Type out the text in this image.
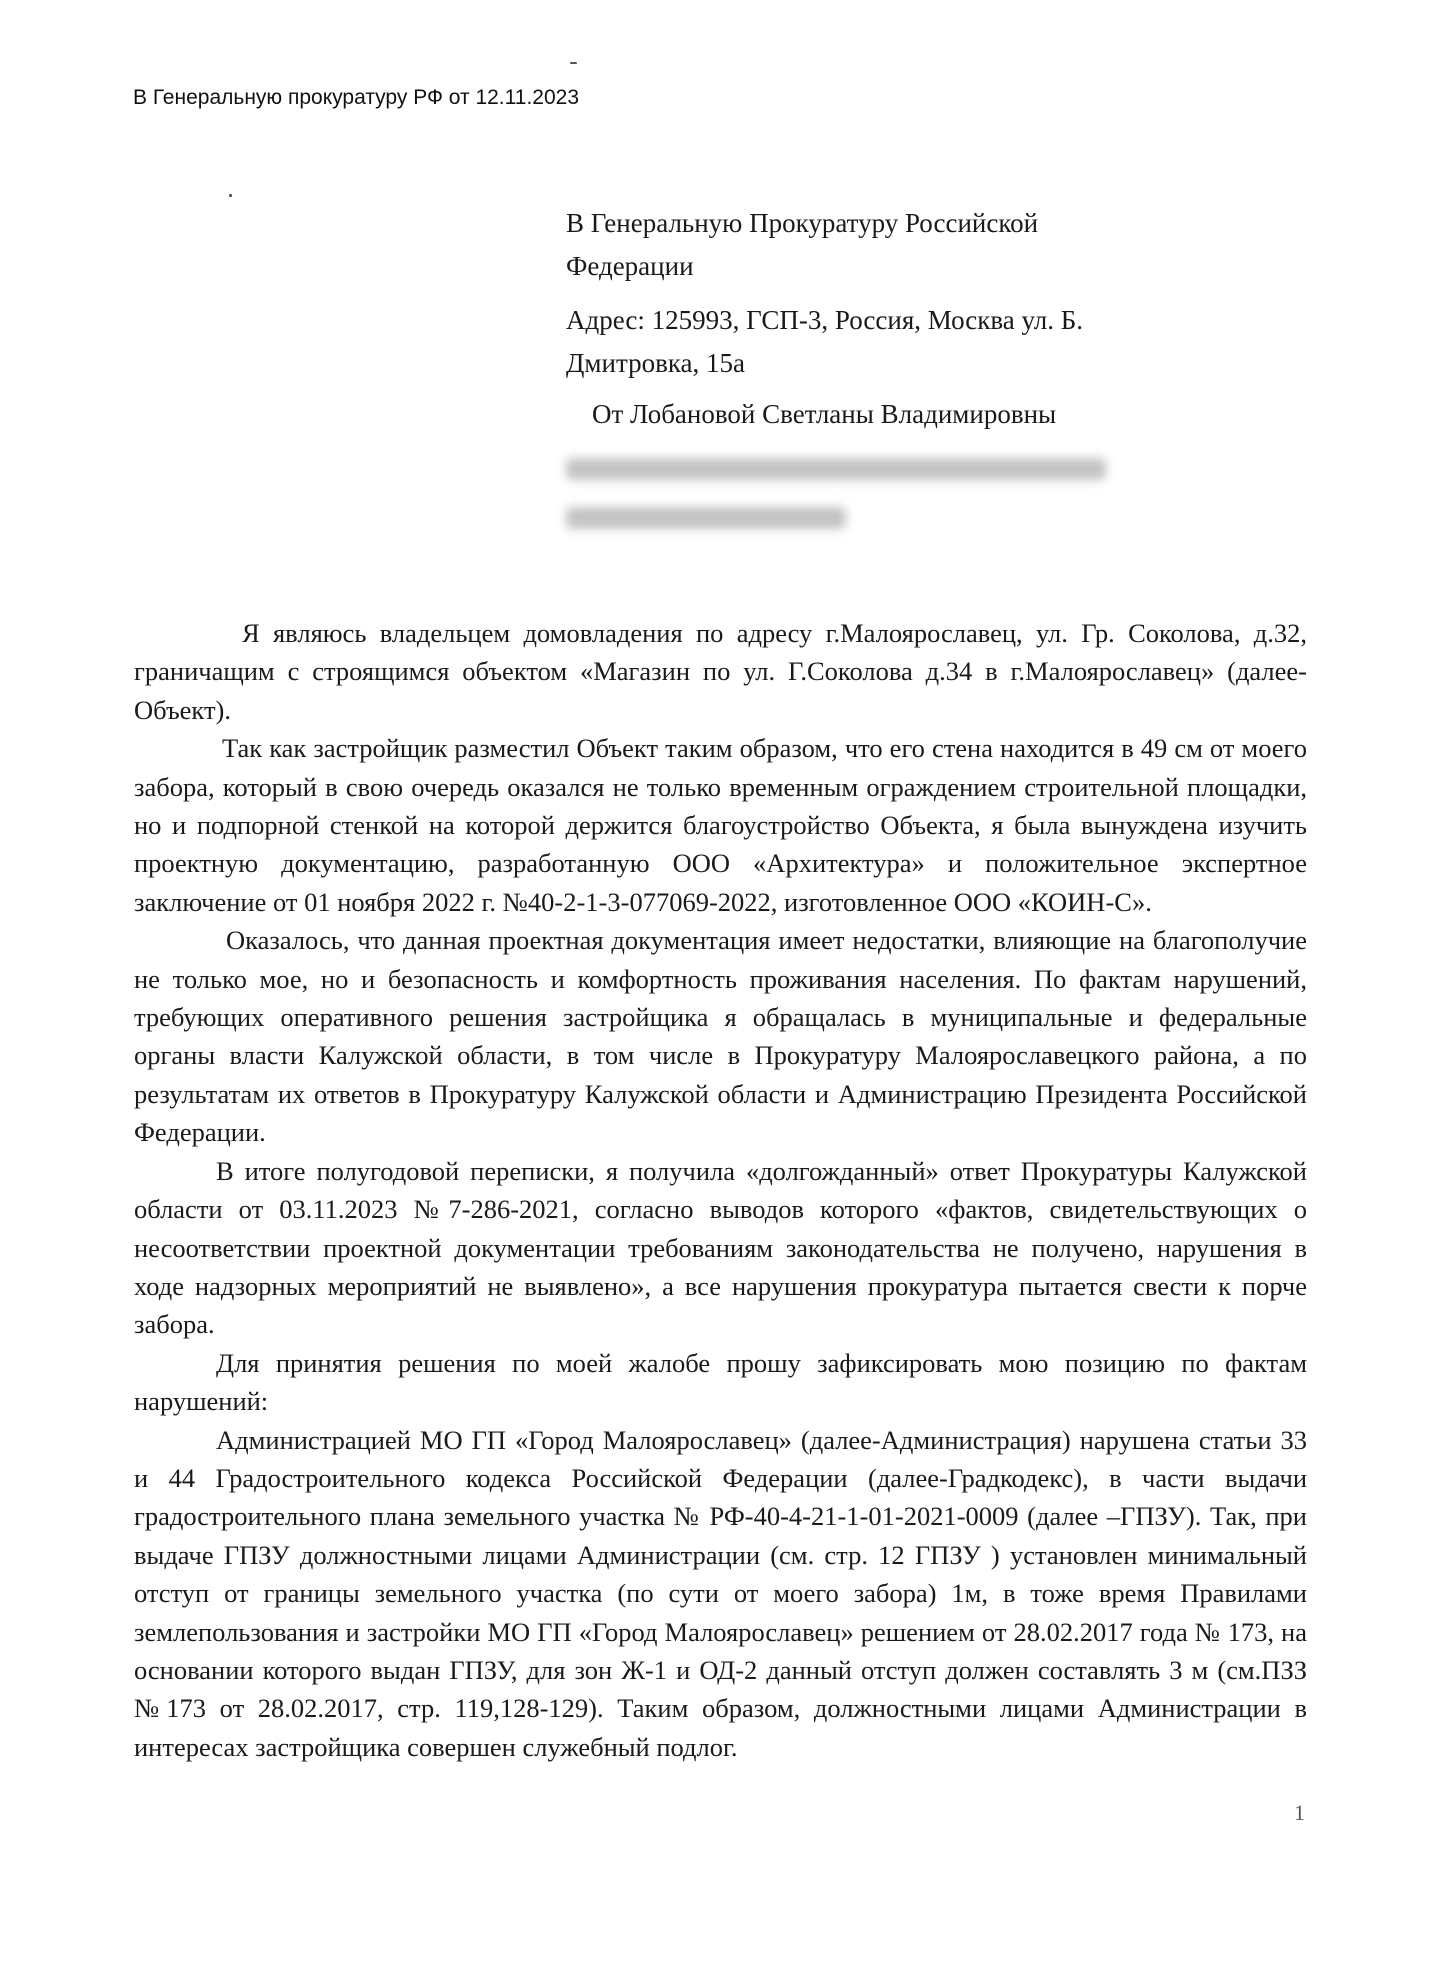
В Генеральную прокуратуру РФ от 12.11.2023
В Генеральную Прокуратуру Российской
Федерации
Адрес: 125993, ГСП-3, Россия, Москва ул. Б.
Дмитровка, 15а
От Лобановой Светланы Владимировны

Я являюсь владельцем домовладения по адресу г.Малоярославец, ул. Гр. Соколова, д.32, граничащим с строящимся объектом «Магазин по ул. Г.Соколова д.34 в г.Малоярославец» (далее-Объект).

Так как застройщик разместил Объект таким образом, что его стена находится в 49 см от моего забора, который в свою очередь оказался не только временным ограждением строительной площадки, но и подпорной стенкой на которой держится благоустройство Объекта, я была вынуждена изучить проектную документацию, разработанную ООО «Архитектура» и положительное экспертное заключение от 01 ноября 2022 г. №40-2-1-3-077069-2022, изготовленное ООО «КОИН-С».

Оказалось, что данная проектная документация имеет недостатки, влияющие на благополучие не только мое, но и безопасность и комфортность проживания населения. По фактам нарушений, требующих оперативного решения застройщика я обращалась в муниципальные и федеральные органы власти Калужской области, в том числе в Прокуратуру Малоярославецкого района, а по результатам их ответов в Прокуратуру Калужской области и Администрацию Президента Российской Федерации.

В итоге полугодовой переписки, я получила «долгожданный» ответ Прокуратуры Калужской области от 03.11.2023 №7-286-2021, согласно выводов которого «фактов, свидетельствующих о несоответствии проектной документации требованиям законодательства не получено, нарушения в ходе надзорных мероприятий не выявлено», а все нарушения прокуратура пытается свести к порче забора.

Для принятия решения по моей жалобе прошу зафиксировать мою позицию по фактам нарушений:

Администрацией МО ГП «Город Малоярославец» (далее-Администрация) нарушена статьи 33 и 44 Градостроительного кодекса Российской Федерации (далее-Градкодекс), в части выдачи градостроительного плана земельного участка № РФ-40-4-21-1-01-2021-0009 (далее –ГПЗУ). Так, при выдаче ГПЗУ должностными лицами Администрации (см. стр. 12 ГПЗУ ) установлен минимальный отступ от границы земельного участка (по сути от моего забора) 1м, в тоже время Правилами землепользования и застройки МО ГП «Город Малоярославец» решением от 28.02.2017 года № 173, на основании которого выдан ГПЗУ, для зон Ж-1 и ОД-2 данный отступ должен составлять 3 м (см.ПЗЗ №173 от 28.02.2017, стр. 119,128-129). Таким образом, должностными лицами Администрации в интересах застройщика совершен служебный подлог.

1
